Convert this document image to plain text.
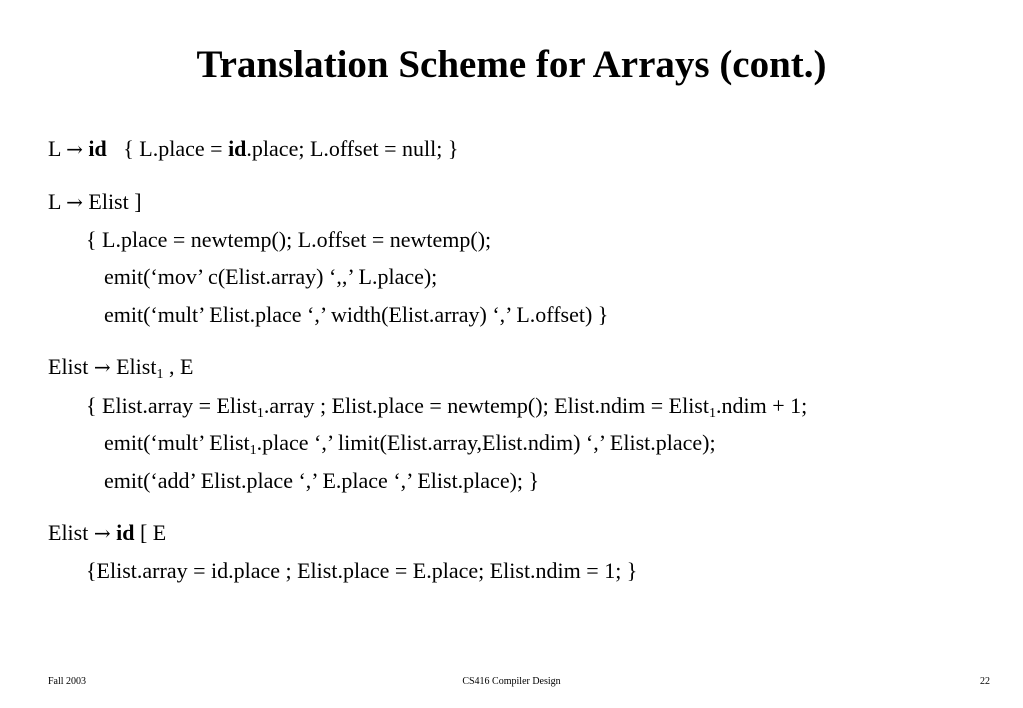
Translation Scheme for Arrays (cont.)
L → id { L.place = id.place; L.offset = null; }
L → Elist ]
{ L.place = newtemp(); L.offset = newtemp();
emit(‘mov’ c(Elist.array) ‘,,’ L.place);
emit(‘mult’ Elist.place ‘,’ width(Elist.array) ‘,’ L.offset) }
Elist → Elist$_1$ , E
{ Elist.array = Elist$_1$.array ; Elist.place = newtemp(); Elist.ndim = Elist$_1$.ndim + 1;
emit(‘mult’ Elist$_1$.place ‘,’ limit(Elist.array,Elist.ndim) ‘,’ Elist.place);
emit(‘add’ Elist.place ‘,’ E.place ‘,’ Elist.place); }
Elist → id [ E
{Elist.array = id.place ; Elist.place = E.place; Elist.ndim = 1; }
Fall 2003	CS416 Compiler Design	22
